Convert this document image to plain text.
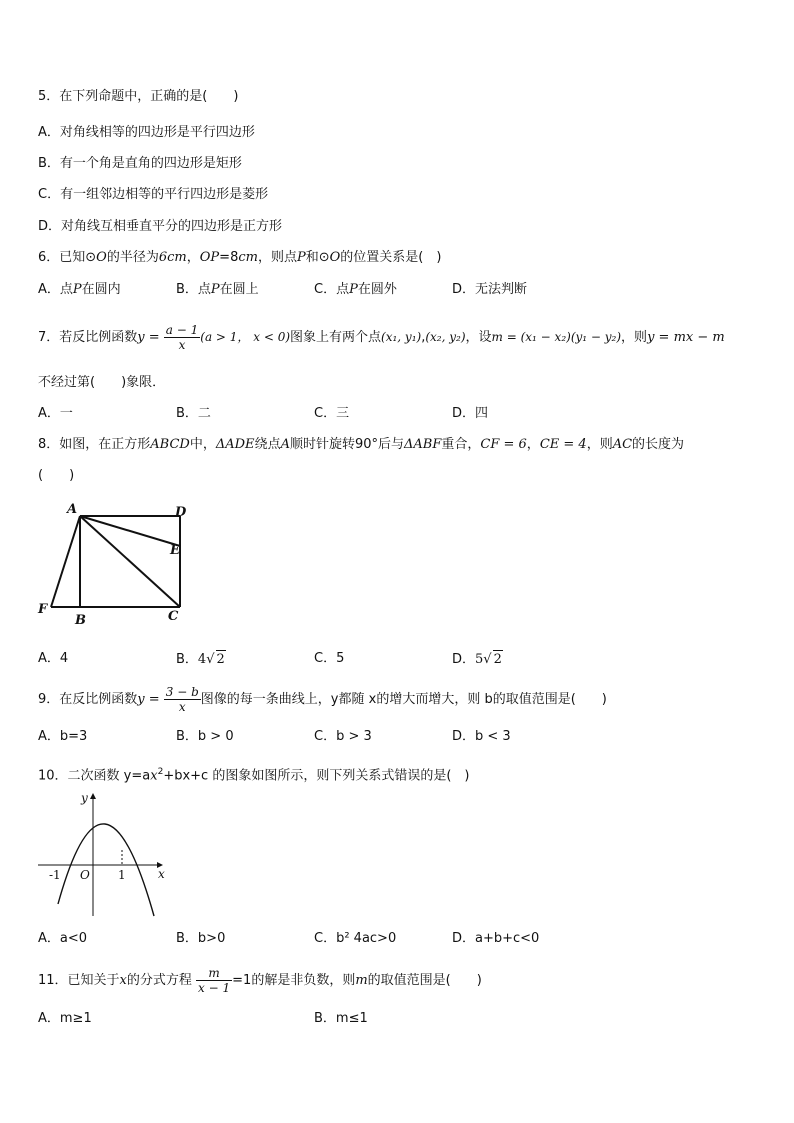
5．在下列命题中，正确的是(　　)
A．对角线相等的四边形是平行四边形
B．有一个角是直角的四边形是矩形
C．有一组邻边相等的平行四边形是菱形
D．对角线互相垂直平分的四边形是正方形
6．已知⊙O的半径为6cm，OP=8cm，则点P和⊙O的位置关系是(　)
A．点P在圆内	B．点P在圆上	C．点P在圆外	D．无法判断
7．若反比例函数$y = \frac{a - 1}{x} (a > 1$， x < 0)图象上有两个点(x₁, y₁),(x₂, y₂)，设m = (x₁ − x₂)(y₁ − y₂)，则y = mx − m
不经过第(　　)象限．
A．一	B．二	C．三	D．四
8．如图，在正方形ABCD中，ΔADE绕点A顺时针旋转90°后与ΔABF重合，CF = 6，CE = 4，则AC的长度为
(　　)
A	D
E
F
B	C
A．4	B．4√ 2	C．5	D．5√ 2
9．在反比例函数$y = \frac{3 - b}{x}$ 图像的每一条曲线上，y都随 x的增大而增大，则 b的取值范围是(　　)
A．b=3	B．b > 0	C．b > 3	D．b < 3
10．二次函数 $y=ax^2+bx+c$ 的图象如图所示，则下列关系式错误的是(　)
y
x
O
-1	1
A．a<0	B．b>0	C．b² 4ac>0	D．a+b+c<0
11．已知关于x的分式方程 $\frac{m}{x - 1} =1$的解是非负数，则m的取值范围是(　　)
A．m≥1	B．m≤1
